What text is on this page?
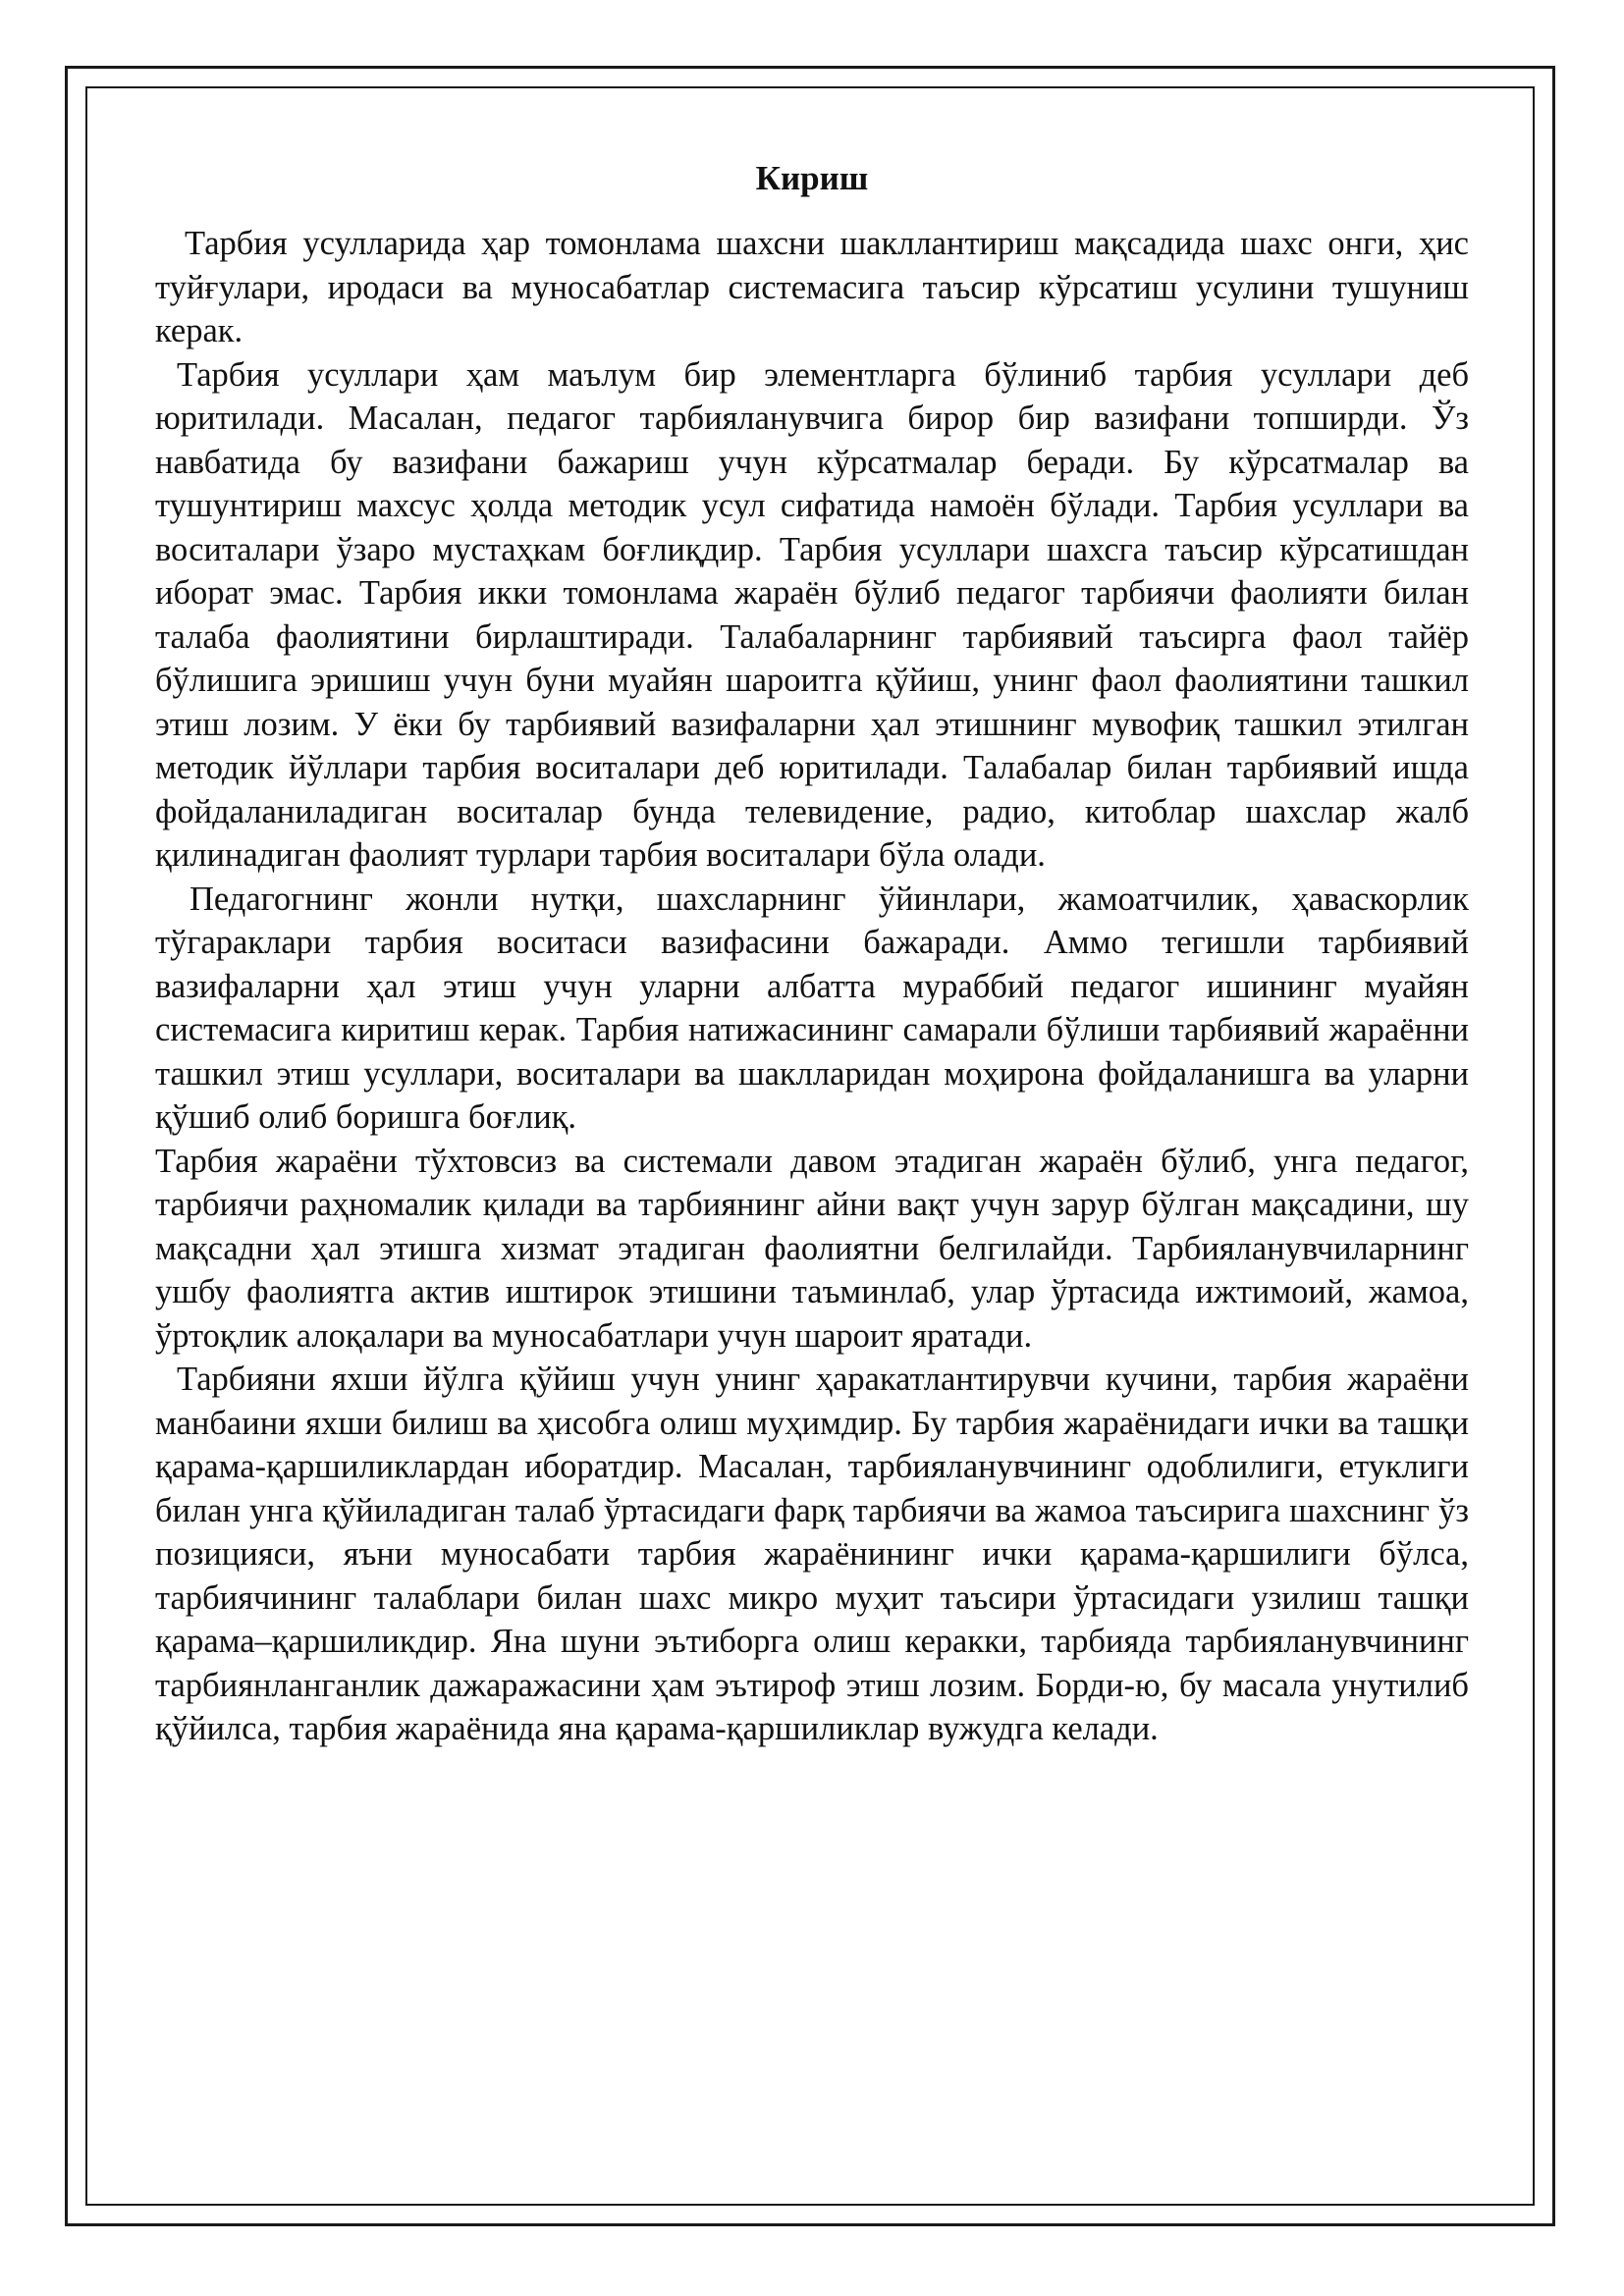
Кириш

Тарбия усулларида ҳар томонлама шахсни шакллантириш мақсадида шахс онги, ҳис туйғулари, иродаси ва муносабатлар системасига таъсир кўрсатиш усулини тушуниш керак.

Тарбия усуллари ҳам маълум бир элементларга бўлиниб тарбия усуллари деб юритилади. Масалан, педагог тарбияланувчига бирор бир вазифани топширди. Ўз навбатида бу вазифани бажариш учун кўрсатмалар беради. Бу кўрсатмалар ва тушунтириш махсус ҳолда методик усул сифатида намоён бўлади. Тарбия усуллари ва воситалари ўзаро мустаҳкам боғлиқдир. Тарбия усуллари шахсга таъсир кўрсатишдан иборат эмас. Тарбия икки томонлама жараён бўлиб педагог тарбиячи фаолияти билан талаба фаолиятини бирлаштиради. Талабаларнинг тарбиявий таъсирга фаол тайёр бўлишига эришиш учун буни муайян шароитга қўйиш, унинг фаол фаолиятини ташкил этиш лозим. У ёки бу тарбиявий вазифаларни ҳал этишнинг мувофиқ ташкил этилган методик йўллари тарбия воситалари деб юритилади. Талабалар билан тарбиявий ишда фойдаланиладиган воситалар бунда телевидение, радио, китоблар шахслар жалб қилинадиган фаолият турлари тарбия воситалари бўла олади.

Педагогнинг жонли нутқи, шахсларнинг ўйинлари, жамоатчилик, ҳаваскорлик тўгараклари тарбия воситаси вазифасини бажаради. Аммо тегишли тарбиявий вазифаларни ҳал этиш учун уларни албатта мураббий педагог ишининг муайян системасига киритиш керак. Тарбия натижасининг самарали бўлиши тарбиявий жараённи ташкил этиш усуллари, воситалари ва шаклларидан моҳирона фойдаланишга ва уларни қўшиб олиб боришга боғлиқ.

Тарбия жараёни тўхтовсиз ва системали давом этадиган жараён бўлиб, унга педагог, тарбиячи раҳномалик қилади ва тарбиянинг айни вақт учун зарур бўлган мақсадини, шу мақсадни ҳал этишга хизмат этадиган фаолиятни белгилайди. Тарбияланувчиларнинг ушбу фаолиятга актив иштирок этишини таъминлаб, улар ўртасида ижтимоий, жамоа, ўртоқлик алоқалари ва муносабатлари учун шароит яратади.

Тарбияни яхши йўлга қўйиш учун унинг ҳаракатлантирувчи кучини, тарбия жараёни манбаини яхши билиш ва ҳисобга олиш муҳимдир. Бу тарбия жараёнидаги ички ва ташқи қарама-қаршиликлардан иборатдир. Масалан, тарбияланувчининг одоблилиги, етуклиги билан унга қўйиладиган талаб ўртасидаги фарқ тарбиячи ва жамоа таъсирига шахснинг ўз позицияси, яъни муносабати тарбия жараёнининг ички қарама-қаршилиги бўлса, тарбиячининг талаблари билан шахс микро муҳит таъсири ўртасидаги узилиш ташқи қарама–қаршиликдир. Яна шуни эътиборга олиш керакки, тарбияда тарбияланувчининг тарбиянланганлик дажаражасини ҳам эътироф этиш лозим. Борди-ю, бу масала унутилиб қўйилса, тарбия жараёнида яна қарама-қаршиликлар вужудга келади.
